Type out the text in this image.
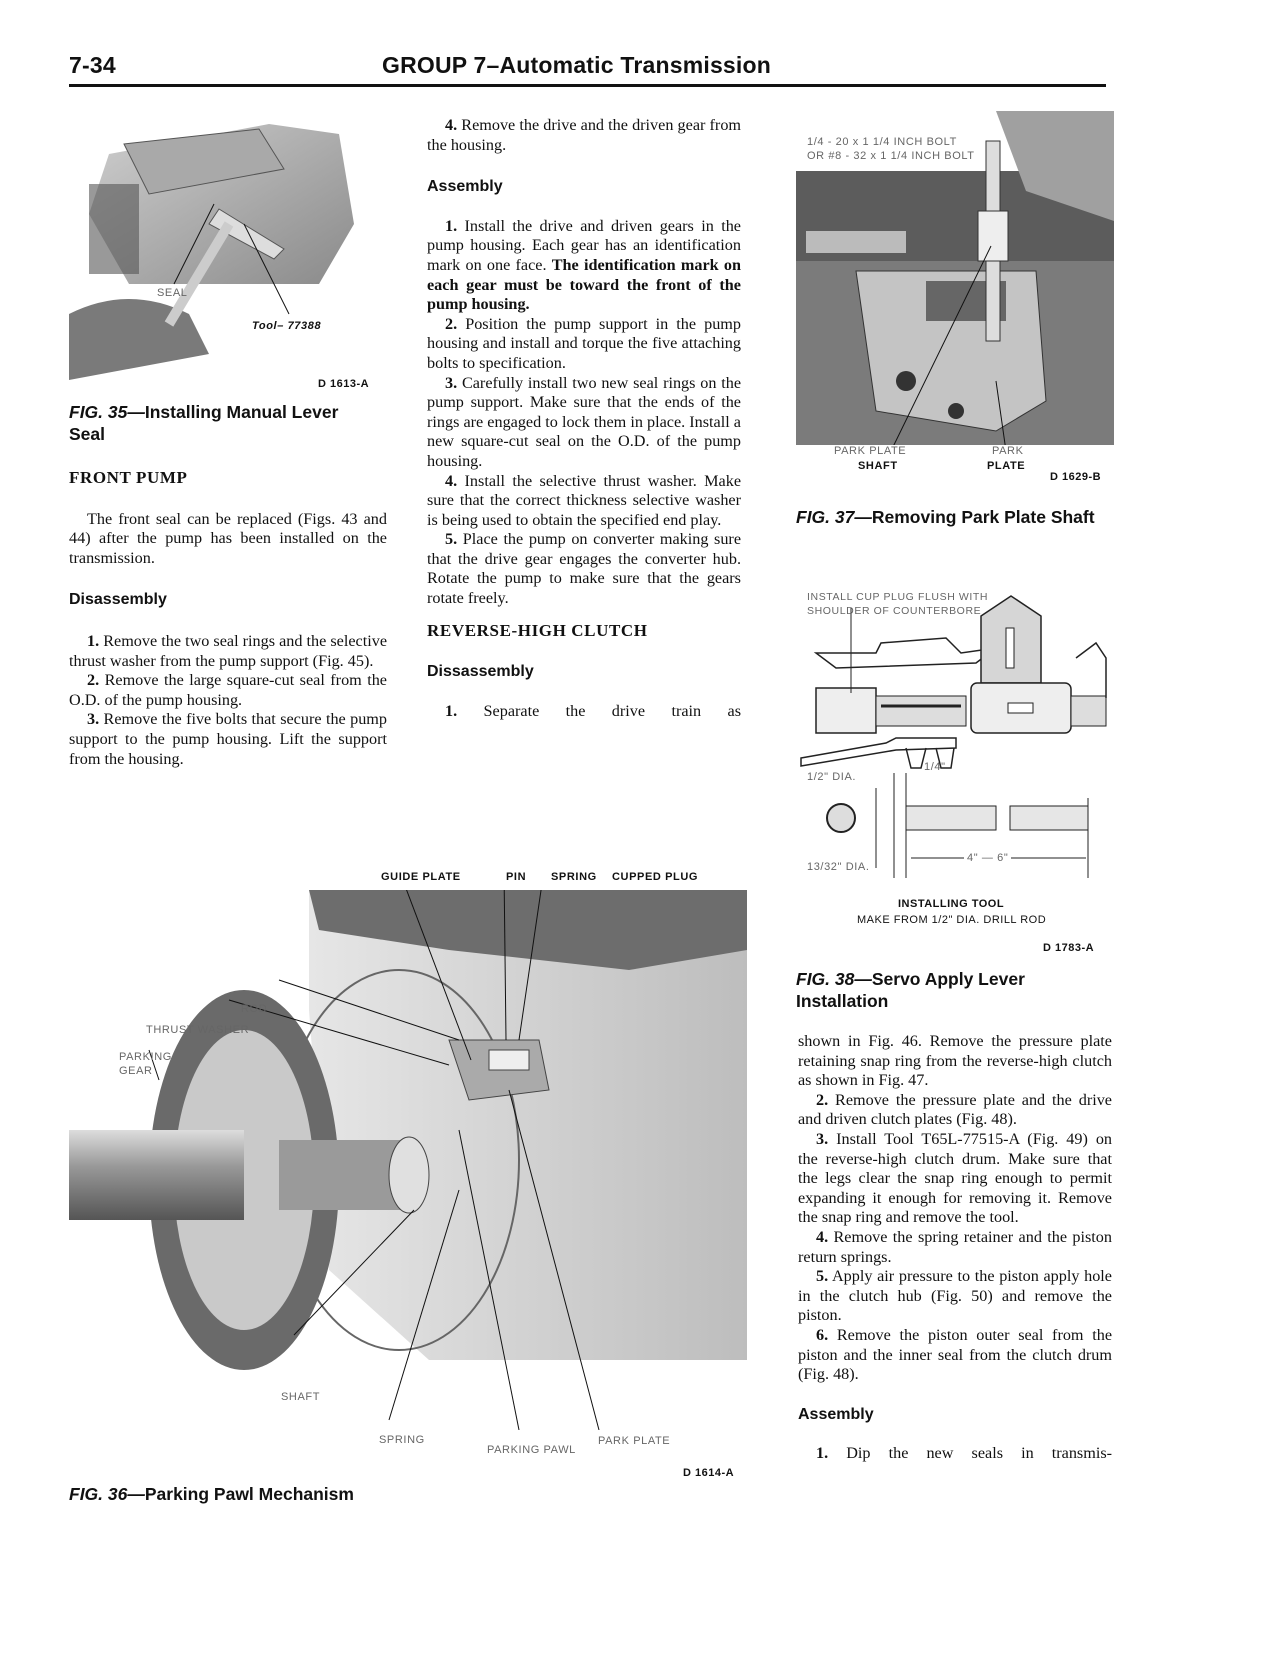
7-34	GROUP 7–Automatic Transmission
SEAL
Tool– 77388
D 1613-A
FIG. 35—Installing Manual Lever Seal

FRONT PUMP

The front seal can be replaced (Figs. 43 and 44) after the pump has been installed on the transmission.

Disassembly

1. Remove the two seal rings and the selective thrust washer from the pump support (Fig. 45).

2. Remove the large square-cut seal from the O.D. of the pump housing.

3. Remove the five bolts that secure the pump support to the pump housing. Lift the support from the housing.

4. Remove the drive and the driven gear from the housing.

Assembly

1. Install the drive and driven gears in the pump housing. Each gear has an identification mark on one face. The identification mark on each gear must be toward the front of the pump housing.

2. Position the pump support in the pump housing and install and torque the five attaching bolts to specification.

3. Carefully install two new seal rings on the pump support. Make sure that the ends of the rings are engaged to lock them in place. Install a new square-cut seal on the O.D. of the pump housing.

4. Install the selective thrust washer. Make sure that the correct thickness selective washer is being used to obtain the specified end play.

5. Place the pump on converter making sure that the drive gear engages the converter hub. Rotate the pump to make sure that the gears rotate freely.

REVERSE-HIGH CLUTCH

Dissassembly

1. Separate the drive train as

GUIDE PLATE	PIN SPRING CUPPED PLUG
ROD
THRUST WASHER
PARKING
GEAR
SHAFT
SPRING
PARKING PAWL
PARK PLATE
D 1614-A
FIG. 36—Parking Pawl Mechanism
1/4 - 20 x 1 1/4 INCH BOLT
OR #8 - 32 x 1 1/4 INCH BOLT
PARK PLATE
SHAFT
PARK
PLATE
D 1629-B
FIG. 37—Removing Park Plate Shaft
INSTALL CUP PLUG FLUSH WITH
SHOULDER OF COUNTERBORE
1/2" DIA.
1/4"
13/32" DIA.
4" — 6"
INSTALLING TOOL
MAKE FROM 1/2" DIA. DRILL ROD
D 1783-A
FIG. 38—Servo Apply Lever Installation

shown in Fig. 46. Remove the pressure plate retaining snap ring from the reverse-high clutch as shown in Fig. 47.

2. Remove the pressure plate and the drive and driven clutch plates (Fig. 48).

3. Install Tool T65L-77515-A (Fig. 49) on the reverse-high clutch drum. Make sure that the legs clear the snap ring enough to permit expanding it enough for removing it. Remove the snap ring and remove the tool.

4. Remove the spring retainer and the piston return springs.

5. Apply air pressure to the piston apply hole in the clutch hub (Fig. 50) and remove the piston.

6. Remove the piston outer seal from the piston and the inner seal from the clutch drum (Fig. 48).

Assembly

1. Dip the new seals in transmis-
